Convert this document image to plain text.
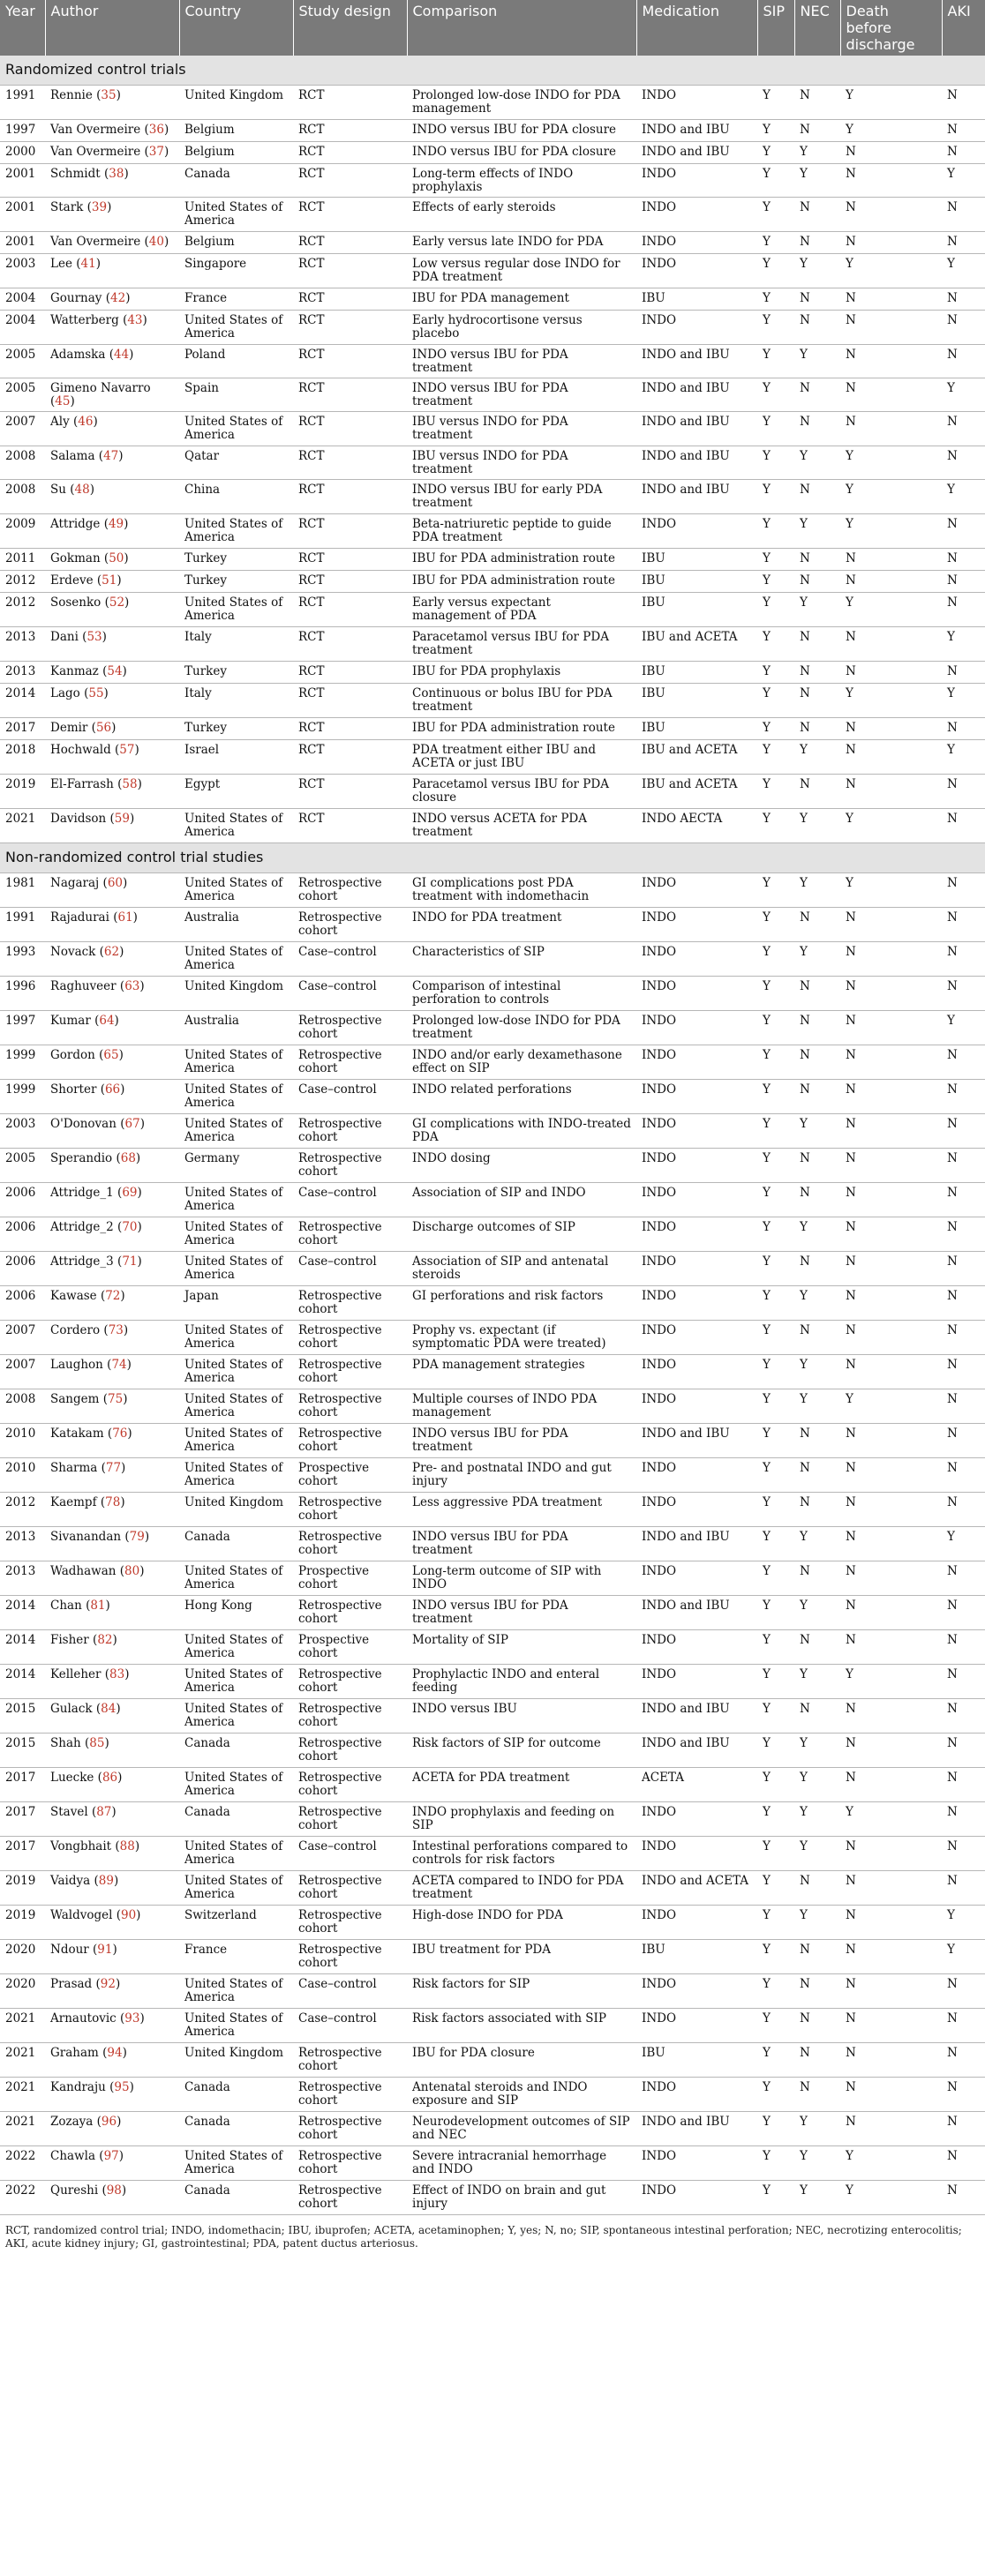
Year	Author	Country	Study design	Comparison	Medication	SIP	NEC	Death before discharge	AKI
Randomized control trials									
1991	Rennie (35)	United Kingdom	RCT	Prolonged low-dose INDO for PDA management	INDO	Y	N	Y	N
1997	Van Overmeire (36)	Belgium	RCT	INDO versus IBU for PDA closure	INDO and IBU	Y	N	Y	N
2000	Van Overmeire (37)	Belgium	RCT	INDO versus IBU for PDA closure	INDO and IBU	Y	Y	N	N
2001	Schmidt (38)	Canada	RCT	Long-term effects of INDO prophylaxis	INDO	Y	Y	N	Y
2001	Stark (39)	United States of America	RCT	Effects of early steroids	INDO	Y	N	N	N
2001	Van Overmeire (40)	Belgium	RCT	Early versus late INDO for PDA	INDO	Y	N	N	N
2003	Lee (41)	Singapore	RCT	Low versus regular dose INDO for PDA treatment	INDO	Y	Y	Y	Y
2004	Gournay (42)	France	RCT	IBU for PDA management	IBU	Y	N	N	N
2004	Watterberg (43)	United States of America	RCT	Early hydrocortisone versus placebo	INDO	Y	N	N	N
2005	Adamska (44)	Poland	RCT	INDO versus IBU for PDA treatment	INDO and IBU	Y	Y	N	N
2005	Gimeno Navarro (45)	Spain	RCT	INDO versus IBU for PDA treatment	INDO and IBU	Y	N	N	Y
2007	Aly (46)	United States of America	RCT	IBU versus INDO for PDA treatment	INDO and IBU	Y	N	N	N
2008	Salama (47)	Qatar	RCT	IBU versus INDO for PDA treatment	INDO and IBU	Y	Y	Y	N
2008	Su (48)	China	RCT	INDO versus IBU for early PDA treatment	INDO and IBU	Y	N	Y	Y
2009	Attridge (49)	United States of America	RCT	Beta-natriuretic peptide to guide PDA treatment	INDO	Y	Y	Y	N
2011	Gokman (50)	Turkey	RCT	IBU for PDA administration route	IBU	Y	N	N	N
2012	Erdeve (51)	Turkey	RCT	IBU for PDA administration route	IBU	Y	N	N	N
2012	Sosenko (52)	United States of America	RCT	Early versus expectant management of PDA	IBU	Y	Y	Y	N
2013	Dani (53)	Italy	RCT	Paracetamol versus IBU for PDA treatment	IBU and ACETA	Y	N	N	Y
2013	Kanmaz (54)	Turkey	RCT	IBU for PDA prophylaxis	IBU	Y	N	N	N
2014	Lago (55)	Italy	RCT	Continuous or bolus IBU for PDA treatment	IBU	Y	N	Y	Y
2017	Demir (56)	Turkey	RCT	IBU for PDA administration route	IBU	Y	N	N	N
2018	Hochwald (57)	Israel	RCT	PDA treatment either IBU and ACETA or just IBU	IBU and ACETA	Y	Y	N	Y
2019	El-Farrash (58)	Egypt	RCT	Paracetamol versus IBU for PDA closure	IBU and ACETA	Y	N	N	N
2021	Davidson (59)	United States of America	RCT	INDO versus ACETA for PDA treatment	INDO AECTA	Y	Y	Y	N
Non-randomized control trial studies									
1981	Nagaraj (60)	United States of America	Retrospective cohort	GI complications post PDA treatment with indomethacin	INDO	Y	Y	Y	N
1991	Rajadurai (61)	Australia	Retrospective cohort	INDO for PDA treatment	INDO	Y	N	N	N
1993	Novack (62)	United States of America	Case–control	Characteristics of SIP	INDO	Y	Y	N	N
1996	Raghuveer (63)	United Kingdom	Case–control	Comparison of intestinal perforation to controls	INDO	Y	N	N	N
1997	Kumar (64)	Australia	Retrospective cohort	Prolonged low-dose INDO for PDA treatment	INDO	Y	N	N	Y
1999	Gordon (65)	United States of America	Retrospective cohort	INDO and/or early dexamethasone effect on SIP	INDO	Y	N	N	N
1999	Shorter (66)	United States of America	Case–control	INDO related perforations	INDO	Y	N	N	N
2003	O'Donovan (67)	United States of America	Retrospective cohort	GI complications with INDO-treated PDA	INDO	Y	Y	N	N
2005	Sperandio (68)	Germany	Retrospective cohort	INDO dosing	INDO	Y	N	N	N
2006	Attridge_1 (69)	United States of America	Case–control	Association of SIP and INDO	INDO	Y	N	N	N
2006	Attridge_2 (70)	United States of America	Retrospective cohort	Discharge outcomes of SIP	INDO	Y	Y	N	N
2006	Attridge_3 (71)	United States of America	Case–control	Association of SIP and antenatal steroids	INDO	Y	N	N	N
2006	Kawase (72)	Japan	Retrospective cohort	GI perforations and risk factors	INDO	Y	Y	N	N
2007	Cordero (73)	United States of America	Retrospective cohort	Prophy vs. expectant (if symptomatic PDA were treated)	INDO	Y	N	N	N
2007	Laughon (74)	United States of America	Retrospective cohort	PDA management strategies	INDO	Y	Y	N	N
2008	Sangem (75)	United States of America	Retrospective cohort	Multiple courses of INDO PDA management	INDO	Y	Y	Y	N
2010	Katakam (76)	United States of America	Retrospective cohort	INDO versus IBU for PDA treatment	INDO and IBU	Y	N	N	N
2010	Sharma (77)	United States of America	Prospective cohort	Pre- and postnatal INDO and gut injury	INDO	Y	N	N	N
2012	Kaempf (78)	United Kingdom	Retrospective cohort	Less aggressive PDA treatment	INDO	Y	N	N	N
2013	Sivanandan (79)	Canada	Retrospective cohort	INDO versus IBU for PDA treatment	INDO and IBU	Y	Y	N	Y
2013	Wadhawan (80)	United States of America	Prospective cohort	Long-term outcome of SIP with INDO	INDO	Y	N	N	N
2014	Chan (81)	Hong Kong	Retrospective cohort	INDO versus IBU for PDA treatment	INDO and IBU	Y	Y	N	N
2014	Fisher (82)	United States of America	Prospective cohort	Mortality of SIP	INDO	Y	N	N	N
2014	Kelleher (83)	United States of America	Retrospective cohort	Prophylactic INDO and enteral feeding	INDO	Y	Y	Y	N
2015	Gulack (84)	United States of America	Retrospective cohort	INDO versus IBU	INDO and IBU	Y	N	N	N
2015	Shah (85)	Canada	Retrospective cohort	Risk factors of SIP for outcome	INDO and IBU	Y	Y	N	N
2017	Luecke (86)	United States of America	Retrospective cohort	ACETA for PDA treatment	ACETA	Y	Y	N	N
2017	Stavel (87)	Canada	Retrospective cohort	INDO prophylaxis and feeding on SIP	INDO	Y	Y	Y	N
2017	Vongbhait (88)	United States of America	Case–control	Intestinal perforations compared to controls for risk factors	INDO	Y	Y	N	N
2019	Vaidya (89)	United States of America	Retrospective cohort	ACETA compared to INDO for PDA treatment	INDO and ACETA	Y	N	N	N
2019	Waldvogel (90)	Switzerland	Retrospective cohort	High-dose INDO for PDA	INDO	Y	Y	N	Y
2020	Ndour (91)	France	Retrospective cohort	IBU treatment for PDA	IBU	Y	N	N	Y
2020	Prasad (92)	United States of America	Case–control	Risk factors for SIP	INDO	Y	N	N	N
2021	Arnautovic (93)	United States of America	Case–control	Risk factors associated with SIP	INDO	Y	N	N	N
2021	Graham (94)	United Kingdom	Retrospective cohort	IBU for PDA closure	IBU	Y	N	N	N
2021	Kandraju (95)	Canada	Retrospective cohort	Antenatal steroids and INDO exposure and SIP	INDO	Y	N	N	N
2021	Zozaya (96)	Canada	Retrospective cohort	Neurodevelopment outcomes of SIP and NEC	INDO and IBU	Y	Y	N	N
2022	Chawla (97)	United States of America	Retrospective cohort	Severe intracranial hemorrhage and INDO	INDO	Y	Y	Y	N
2022	Qureshi (98)	Canada	Retrospective cohort	Effect of INDO on brain and gut injury	INDO	Y	Y	Y	N
RCT, randomized control trial; INDO, indomethacin; IBU, ibuprofen; ACETA, acetaminophen; Y, yes; N, no; SIP, spontaneous intestinal perforation; NEC, necrotizing enterocolitis; AKI, acute kidney injury; GI, gastrointestinal; PDA, patent ductus arteriosus.
